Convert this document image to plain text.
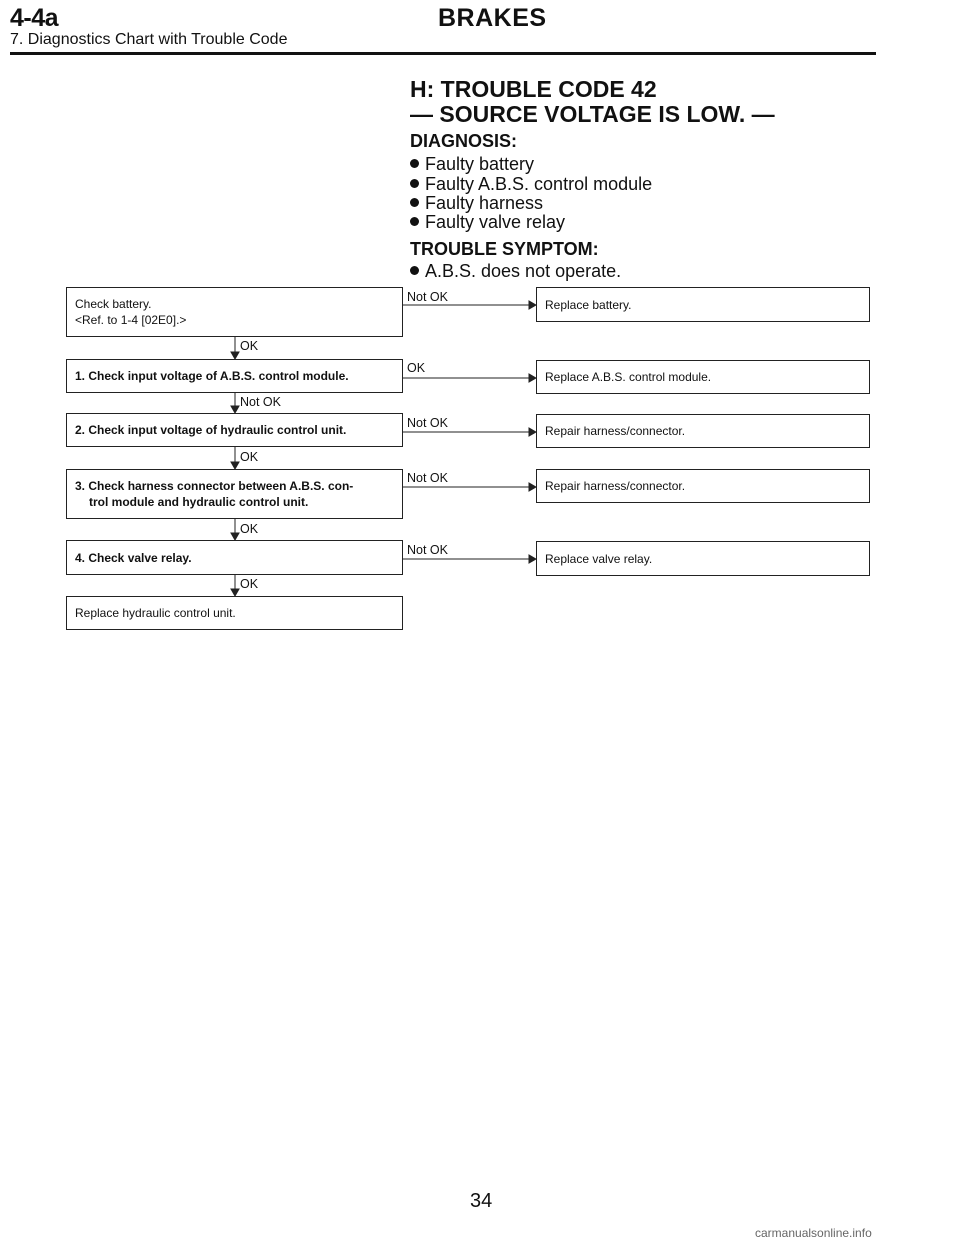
4-4a	BRAKES
7. Diagnostics Chart with Trouble Code
H: TROUBLE CODE 42
— SOURCE VOLTAGE IS LOW. —
DIAGNOSIS:
Faulty battery
Faulty A.B.S. control module
Faulty harness
Faulty valve relay
TROUBLE SYMPTOM:
A.B.S. does not operate.
Check battery.
<Ref. to 1-4 [02E0].>
1. Check input voltage of A.B.S. control module.
2. Check input voltage of hydraulic control unit.
3. Check harness connector between A.B.S. con-
trol module and hydraulic control unit.
4. Check valve relay.
Replace hydraulic control unit.
Replace battery.
Replace A.B.S. control module.
Repair harness/connector.
Repair harness/connector.
Replace valve relay.
Not OK
OK
Not OK
Not OK
Not OK
OK
Not OK
OK
OK
OK
34
carmanualsonline.info
